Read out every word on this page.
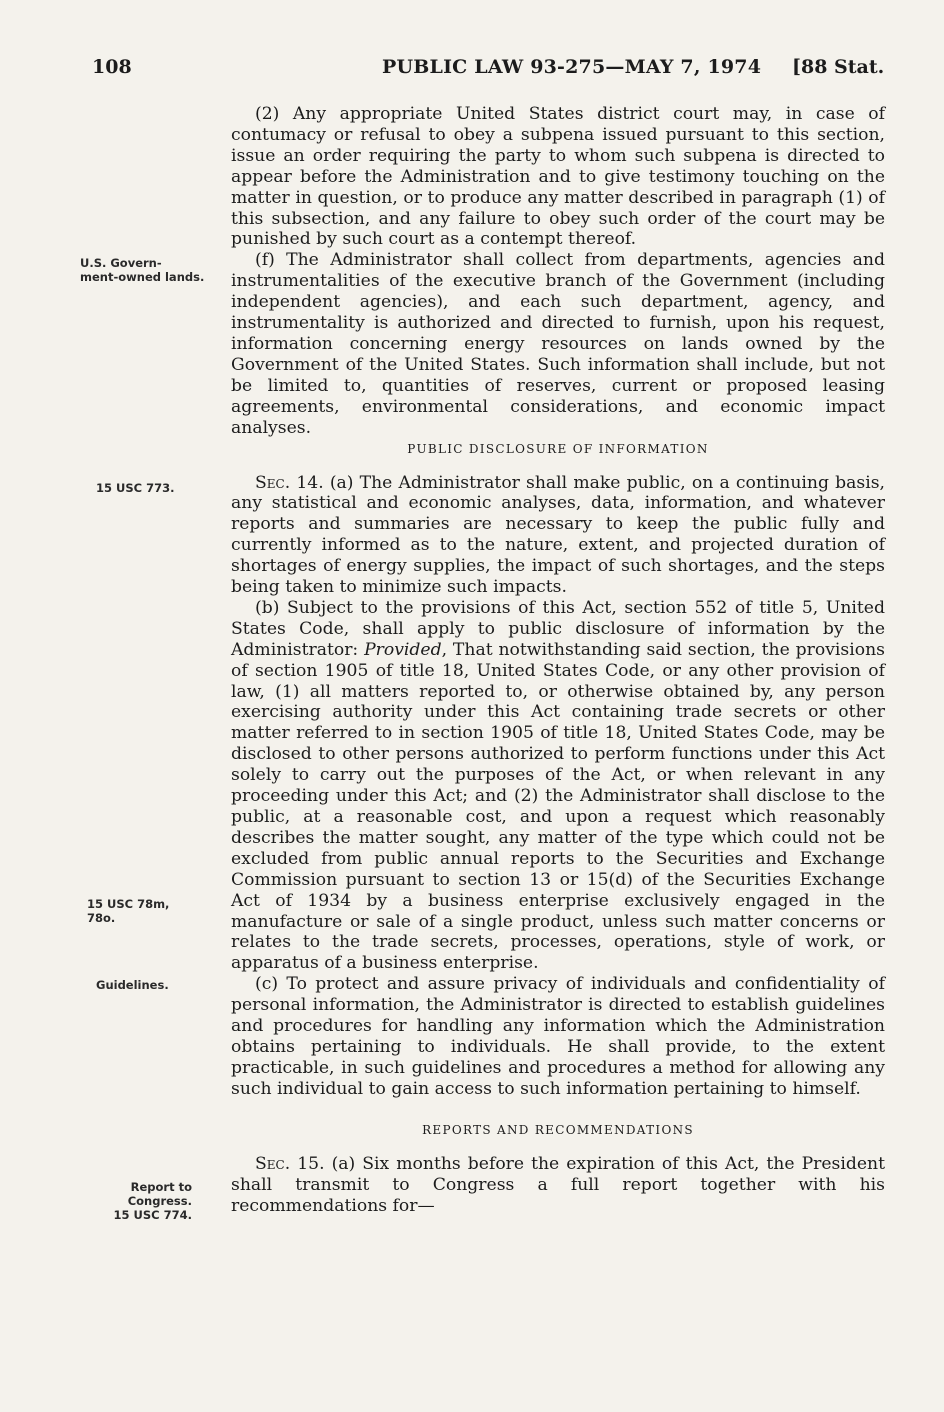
108	PUBLIC LAW 93-275—MAY 7, 1974 [88 Stat.
U.S. Govern-
ment-owned lands.
15 USC 773.
15 USC 78m,
78o.
Guidelines.
Report to
Congress.
15 USC 774.

(2) Any appropriate United States district court may, in case of contumacy or refusal to obey a subpena issued pursuant to this section, issue an order requiring the party to whom such subpena is directed to appear before the Administration and to give testimony touching on the matter in question, or to produce any matter described in paragraph (1) of this subsection, and any failure to obey such order of the court may be punished by such court as a contempt thereof.

(f) The Administrator shall collect from departments, agencies and instrumentalities of the executive branch of the Government (including independent agencies), and each such department, agency, and instrumentality is authorized and directed to furnish, upon his request, information concerning energy resources on lands owned by the Government of the United States. Such information shall include, but not be limited to, quantities of reserves, current or proposed leasing agreements, environmental considerations, and economic impact analyses.

PUBLIC DISCLOSURE OF INFORMATION

Sec. 14. (a) The Administrator shall make public, on a continuing basis, any statistical and economic analyses, data, information, and whatever reports and summaries are necessary to keep the public fully and currently informed as to the nature, extent, and projected duration of shortages of energy supplies, the impact of such shortages, and the steps being taken to minimize such impacts.

(b) Subject to the provisions of this Act, section 552 of title 5, United States Code, shall apply to public disclosure of information by the Administrator: Provided, That notwithstanding said section, the provisions of section 1905 of title 18, United States Code, or any other provision of law, (1) all matters reported to, or otherwise obtained by, any person exercising authority under this Act containing trade secrets or other matter referred to in section 1905 of title 18, United States Code, may be disclosed to other persons authorized to perform functions under this Act solely to carry out the purposes of the Act, or when relevant in any proceeding under this Act; and (2) the Administrator shall disclose to the public, at a reasonable cost, and upon a request which reasonably describes the matter sought, any matter of the type which could not be excluded from public annual reports to the Securities and Exchange Commission pursuant to section 13 or 15(d) of the Securities Exchange Act of 1934 by a business enterprise exclusively engaged in the manufacture or sale of a single product, unless such matter concerns or relates to the trade secrets, processes, operations, style of work, or apparatus of a business enterprise.

(c) To protect and assure privacy of individuals and confidentiality of personal information, the Administrator is directed to establish guidelines and procedures for handling any information which the Administration obtains pertaining to individuals. He shall provide, to the extent practicable, in such guidelines and procedures a method for allowing any such individual to gain access to such information pertaining to himself.

REPORTS AND RECOMMENDATIONS

Sec. 15. (a) Six months before the expiration of this Act, the President shall transmit to Congress a full report together with his recommendations for—
